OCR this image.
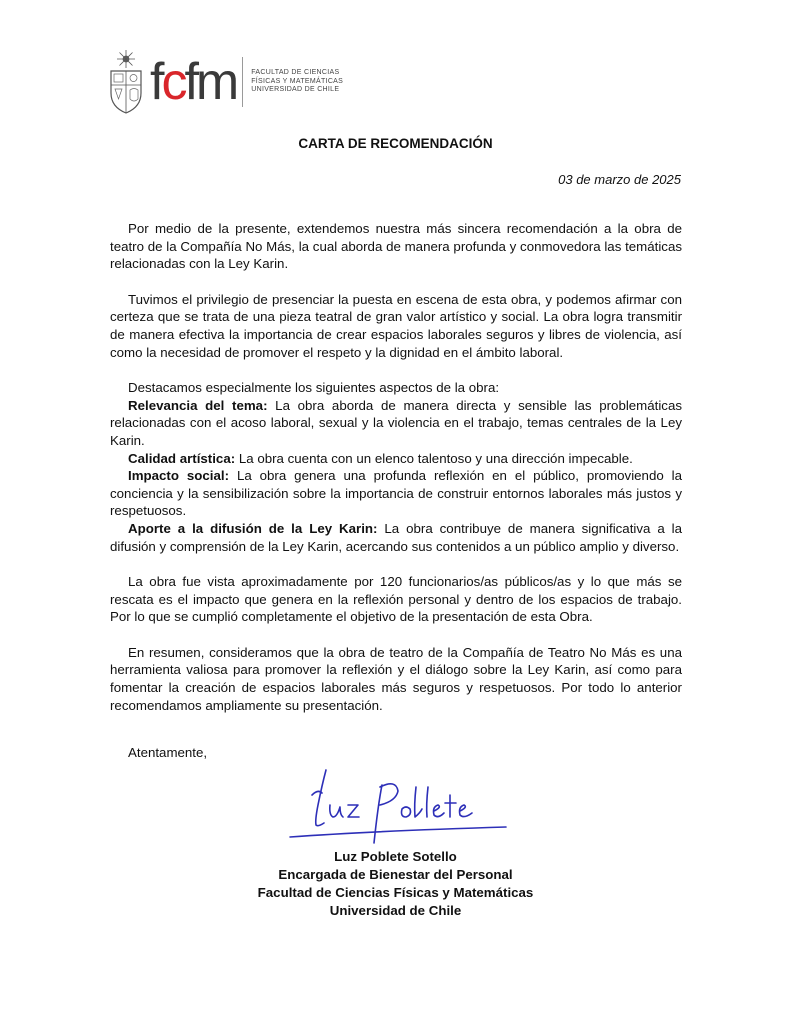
fcfm FACULTAD DE CIENCIAS
FÍSICAS Y MATEMÁTICAS
UNIVERSIDAD DE CHILE
CARTA DE RECOMENDACIÓN
03 de marzo de 2025

Por medio de la presente, extendemos nuestra más sincera recomendación a la obra de teatro de la Compañía No Más, la cual aborda de manera profunda y conmovedora las temáticas relacionadas con la Ley Karin.

Tuvimos el privilegio de presenciar la puesta en escena de esta obra, y podemos afirmar con certeza que se trata de una pieza teatral de gran valor artístico y social. La obra logra transmitir de manera efectiva la importancia de crear espacios laborales seguros y libres de violencia, así como la necesidad de promover el respeto y la dignidad en el ámbito laboral.

Destacamos especialmente los siguientes aspectos de la obra:

Relevancia del tema: La obra aborda de manera directa y sensible las problemáticas relacionadas con el acoso laboral, sexual y la violencia en el trabajo, temas centrales de la Ley Karin.

Calidad artística: La obra cuenta con un elenco talentoso y una dirección impecable.

Impacto social: La obra genera una profunda reflexión en el público, promoviendo la conciencia y la sensibilización sobre la importancia de construir entornos laborales más justos y respetuosos.

Aporte a la difusión de la Ley Karin: La obra contribuye de manera significativa a la difusión y comprensión de la Ley Karin, acercando sus contenidos a un público amplio y diverso.

La obra fue vista aproximadamente por 120 funcionarios/as públicos/as y lo que más se rescata es el impacto que genera en la reflexión personal y dentro de los espacios de trabajo. Por lo que se cumplió completamente el objetivo de la presentación de esta Obra.

En resumen, consideramos que la obra de teatro de la Compañía de Teatro No Más es una herramienta valiosa para promover la reflexión y el diálogo sobre la Ley Karin, así como para fomentar la creación de espacios laborales más seguros y respetuosos. Por todo lo anterior recomendamos ampliamente su presentación.

Atentamente,
Luz Poblete Sotello
Encargada de Bienestar del Personal
Facultad de Ciencias Físicas y Matemáticas
Universidad de Chile
